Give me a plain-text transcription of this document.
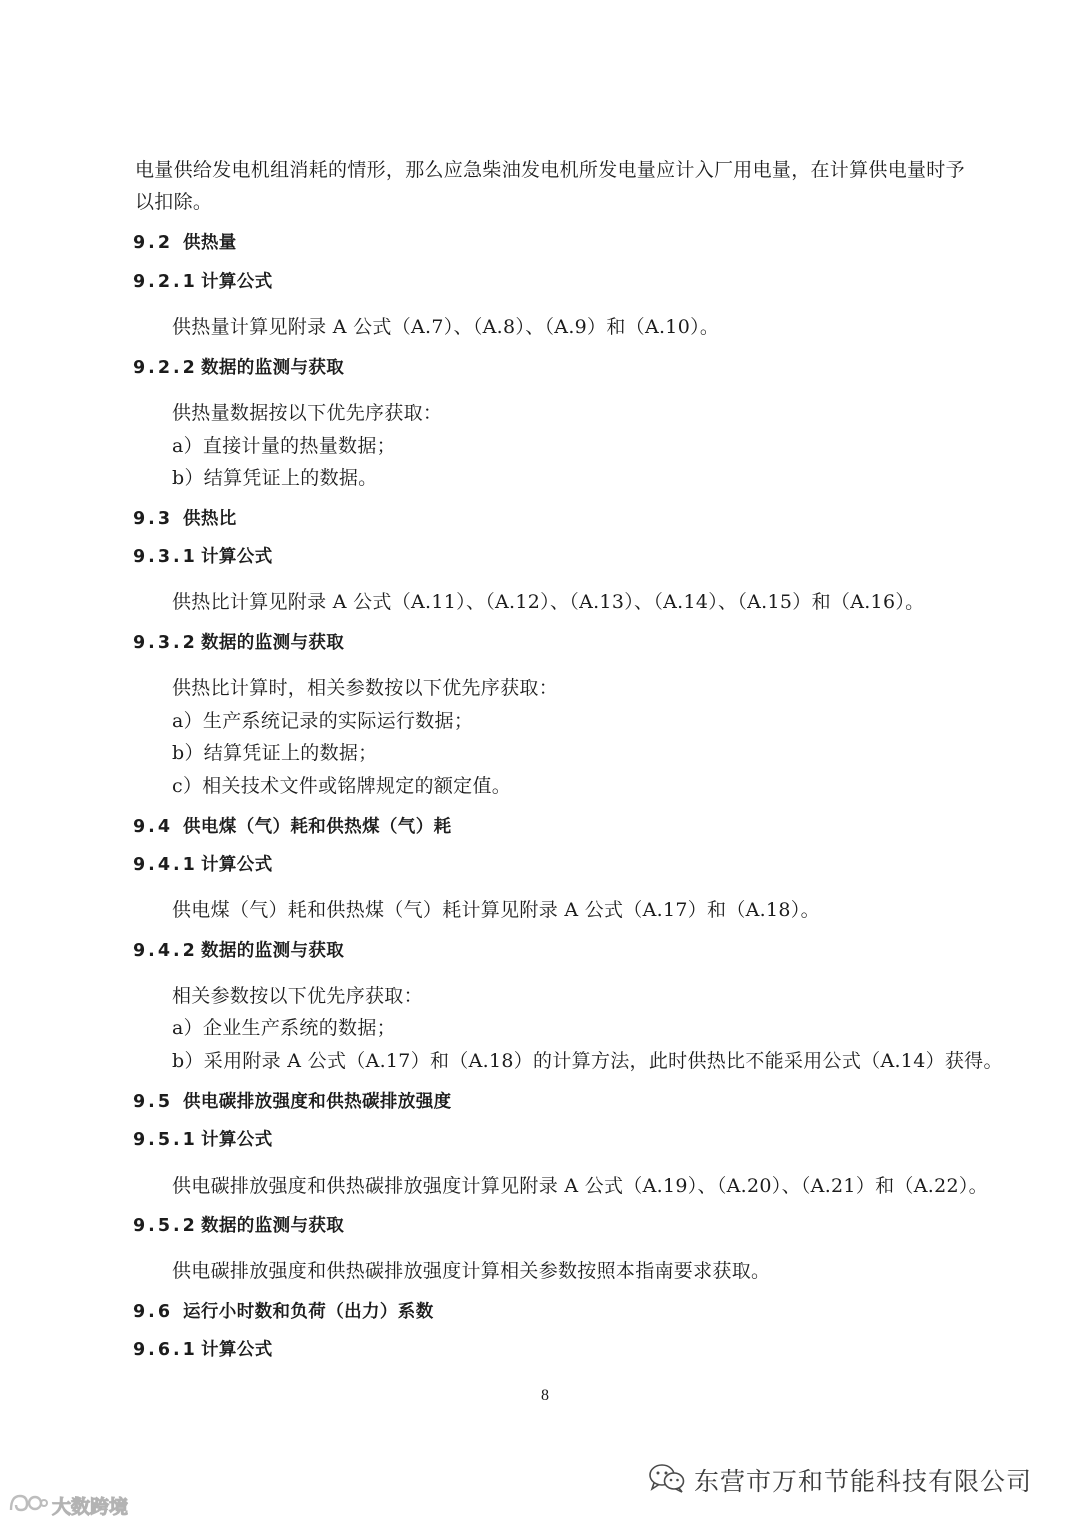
电量供给发电机组消耗的情形，那么应急柴油发电机所发电量应计入厂用电量，在计算供电量时予
以扣除。
9.2 供热量
9.2.1 计算公式
供热量计算见附录 A 公式（A.7）、（A.8）、（A.9）和（A.10）。
9.2.2 数据的监测与获取
供热量数据按以下优先序获取：
a）直接计量的热量数据；
b）结算凭证上的数据。
9.3 供热比
9.3.1 计算公式
供热比计算见附录 A 公式（A.11）、（A.12）、（A.13）、（A.14）、（A.15）和（A.16）。
9.3.2 数据的监测与获取
供热比计算时，相关参数按以下优先序获取：
a）生产系统记录的实际运行数据；
b）结算凭证上的数据；
c）相关技术文件或铭牌规定的额定值。
9.4 供电煤（气）耗和供热煤（气）耗
9.4.1 计算公式
供电煤（气）耗和供热煤（气）耗计算见附录 A 公式（A.17）和（A.18）。
9.4.2 数据的监测与获取
相关参数按以下优先序获取：
a）企业生产系统的数据；
b）采用附录 A 公式（A.17）和（A.18）的计算方法，此时供热比不能采用公式（A.14）获得。
9.5 供电碳排放强度和供热碳排放强度
9.5.1 计算公式
供电碳排放强度和供热碳排放强度计算见附录 A 公式（A.19）、（A.20）、（A.21）和（A.22）。
9.5.2 数据的监测与获取
供电碳排放强度和供热碳排放强度计算相关参数按照本指南要求获取。
9.6 运行小时数和负荷（出力）系数
9.6.1 计算公式
8
东营市万和节能科技有限公司
大数跨境
